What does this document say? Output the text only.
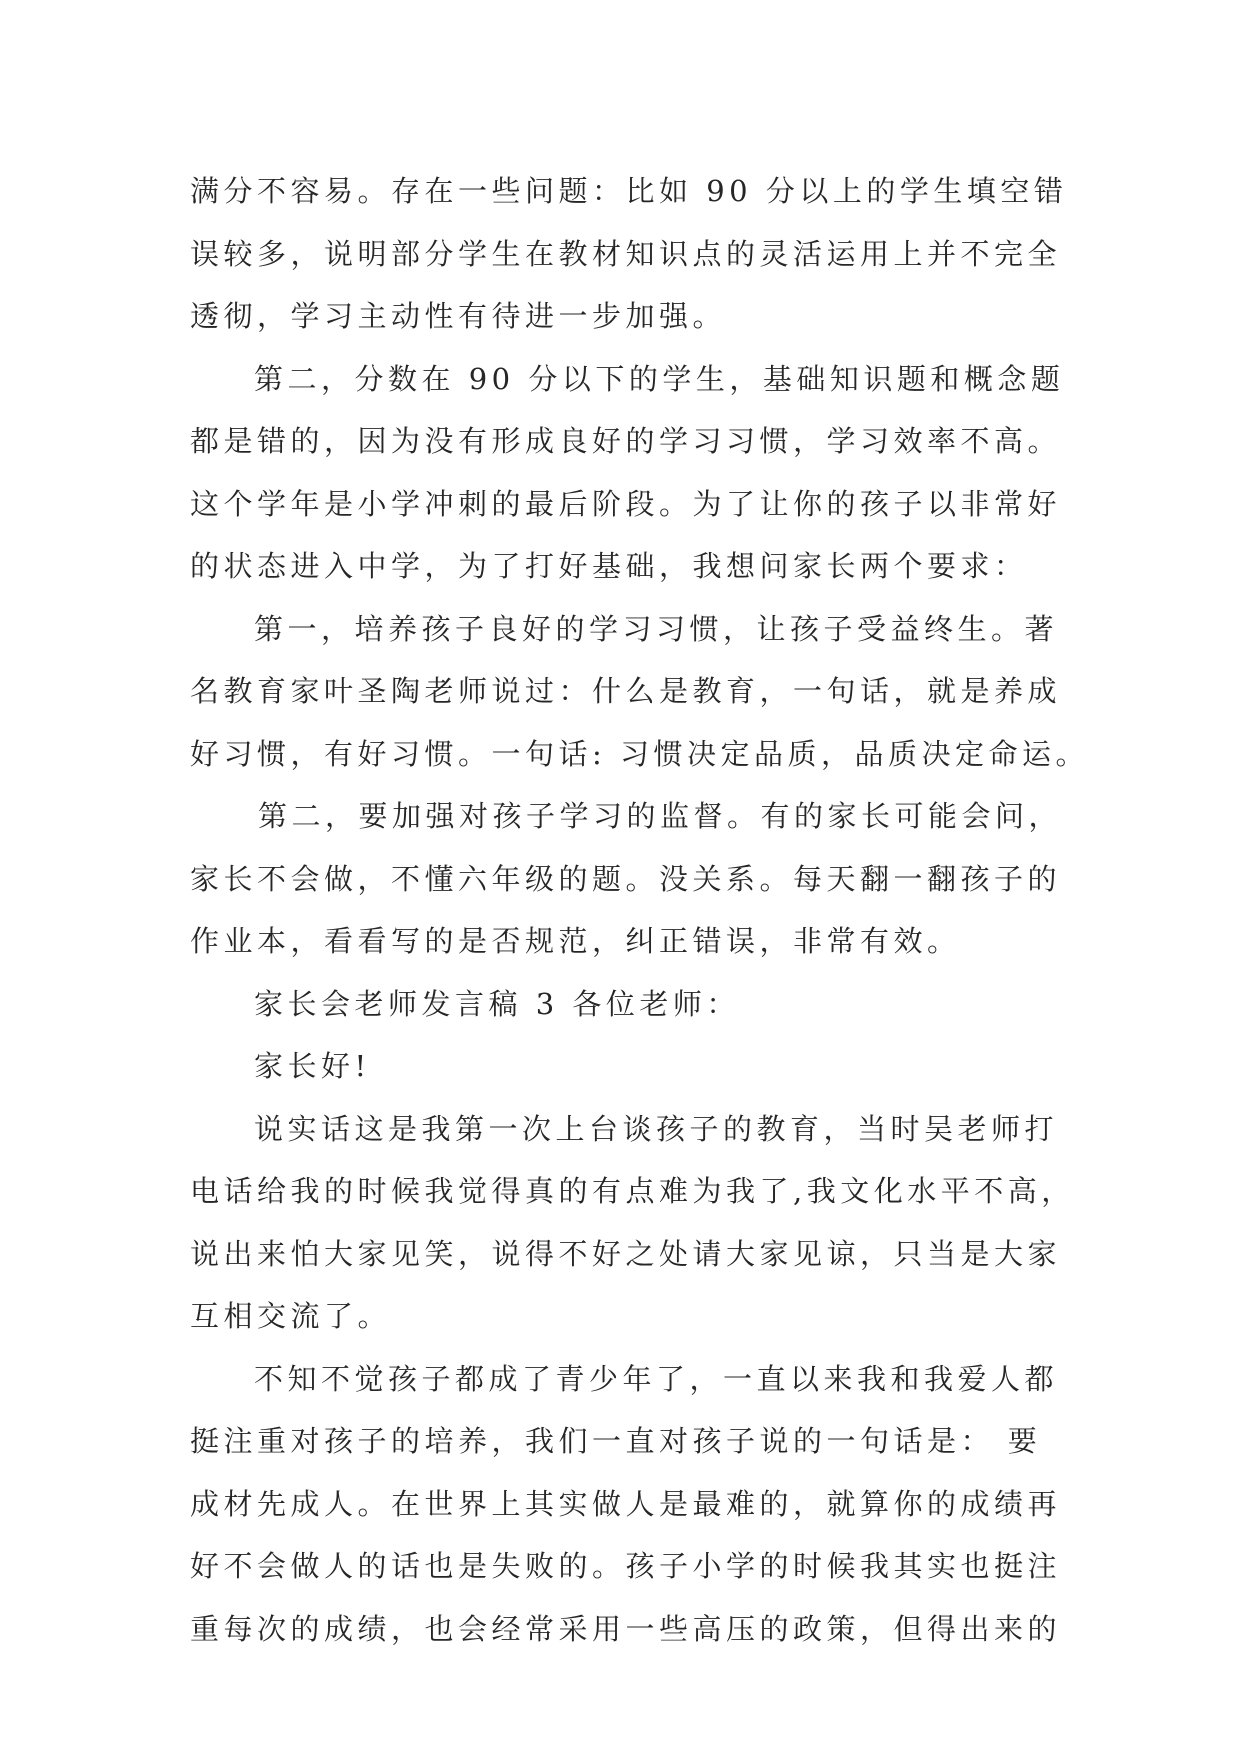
满分不容易。存在一些问题：比如 90 分以上的学生填空错

误较多，说明部分学生在教材知识点的灵活运用上并不完全

透彻，学习主动性有待进一步加强。

第二，分数在 90 分以下的学生，基础知识题和概念题

都是错的，因为没有形成良好的学习习惯，学习效率不高。

这个学年是小学冲刺的最后阶段。为了让你的孩子以非常好

的状态进入中学，为了打好基础，我想问家长两个要求：

第一，培养孩子良好的学习习惯，让孩子受益终生。著

名教育家叶圣陶老师说过：什么是教育，一句话，就是养成

好习惯，有好习惯。一句话: 习惯决定品质，品质决定命运。

第二，要加强对孩子学习的监督。有的家长可能会问，

家长不会做，不懂六年级的题。没关系。每天翻一翻孩子的

作业本，看看写的是否规范，纠正错误，非常有效。

家长会老师发言稿 3 各位老师：

家长好!

说实话这是我第一次上台谈孩子的教育，当时吴老师打

电话给我的时候我觉得真的有点难为我了,我文化水平不高，

说出来怕大家见笑，说得不好之处请大家见谅，只当是大家

互相交流了。

不知不觉孩子都成了青少年了，一直以来我和我爱人都

挺注重对孩子的培养，我们一直对孩子说的一句话是： 要

成材先成人。在世界上其实做人是最难的，就算你的成绩再

好不会做人的话也是失败的。孩子小学的时候我其实也挺注

重每次的成绩，也会经常采用一些高压的政策，但得出来的
